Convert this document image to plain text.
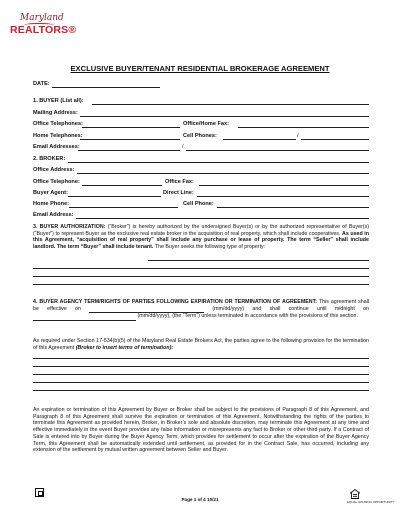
Maryland
REALTORS®
EXCLUSIVE BUYER/TENANT RESIDENTIAL BROKERAGE AGREEMENT
DATE:
1. BUYER (List all):
Mailing Address:
Office Telephones:	Office/Home Fax:
Home Telephones:	Cell Phones:	/
Email Addresses:	/
2. BROKER:
Office Address:
Office Telephone:	Office Fax:
Buyer Agent:	Direct Line:
Home Phone:	Cell Phone:
Email Address:
3. BUYER AUTHORIZATION: (“Broker”) is hereby authorized by the undersigned Buyer(s) or by the authorized representative of Buyer(s) (“Buyer”) to represent Buyer as the exclusive real estate broker in the acquisition of real property, which shall include cooperatives. As used in this Agreement, “acquisition of real property” shall include any purchase or lease of property. The term “Seller” shall include landlord. The term “Buyer” shall include tenant. The Buyer seeks the following type of property:
4. BUYER AGENCY TERM/RIGHTS OF PARTIES FOLLOWING EXPIRATION OR TERMINATION OF AGREEMENT: This agreement shall be effective on	(mm/dd/yyyy) and shall continue until midnight on   (mm/dd/yyyy), (the “Term”) unless terminated in accordance with the provisions of this section.
As required under Section 17-534(b)(5) of the Maryland Real Estate Brokers Act, the parties agree to the following provision for the termination of this Agreement (Broker to insert terms of termination):
An expiration or termination of this Agreement by Buyer or Broker shall be subject to the provisions of Paragraph 8 of this Agreement, and Paragraph 8 of this Agreement shall survive the expiration or termination of this Agreement. Notwithstanding the rights of the parties to terminate this Agreement as provided herein, Broker, in Broker’s sole and absolute discretion, may terminate this Agreement at any time and effective immediately in the event Buyer provides any false information or misrepresents any fact to Broker or other third party. If a Contract of Sale is entered into by Buyer during the Buyer Agency Term, which provides for settlement to occur after the expiration of the Buyer Agency Term, this Agreement shall be automatically extended until settlement, as provided for in the Contract Sale, has occurred, including any extension of the settlement by mutual written agreement between Seller and Buyer.
Page 1 of 4 10/21	EQUAL HOUSING OPPORTUNITY
